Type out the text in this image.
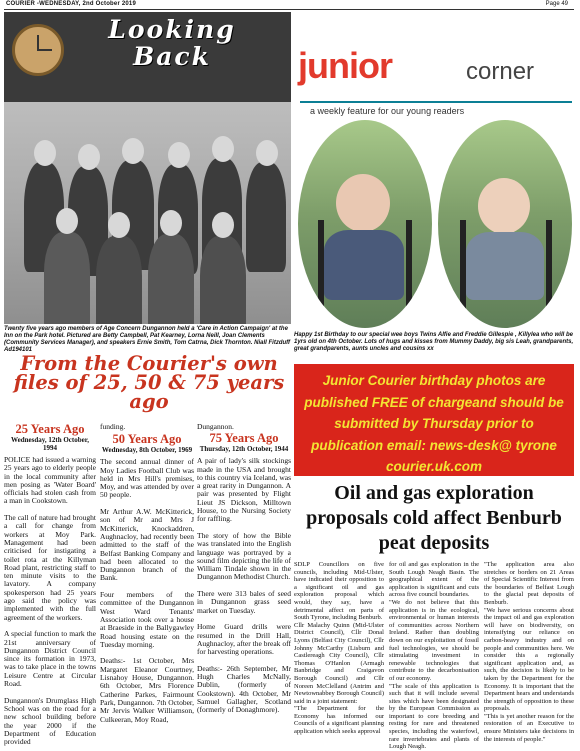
COURIER -WEDNESDAY, 2nd October 2019	Page 49
Looking
Back
Twenty five years ago members of Age Concern Dungannon held a 'Care in Action Campaign' at the Inn on the Park hotel. Pictured are Betty Campbell, Pat Kearney, Lorna Neill, Joan Clements (Community Services Manager), and speakers Ernie Smith, Tom Catrna, Dick Thornton. Niall Fitzduff Ad194101
From the Courier's own files of 25, 50 & 75 years ago
25 Years Ago
Wednesday, 12th October, 1994
POLICE had issued a warning 25 years ago to elderly people in the local community after men posing as 'Water Board' officials had stolen cash from a man in Cookstown.

The call of nature had brought a call for change from workers at Moy Park. Management had been criticised for instigating a toilet rota at the Killyman Road plant, restricting staff to ten minute visits to the lavatory. A company spokesperson had 25 years ago said the policy was implemented with the full agreement of the workers.

A special function to mark the 21st anniversary of Dungannon District Council since its formation in 1973, was to take place in the towns Leisure Centre at Circular Road.

Dungannon's Drumglass High School was on the road for a new school building before the year 2000 if the Department of Education provided
funding.
50 Years Ago
Wednesday, 8th October, 1969
The second annual dinner of Moy Ladies Football Club was held in Mrs Hill's premises, Moy, and was attended by over 50 people.

Mr Arthur A.W. McKitterick, son of Mr and Mrs J McKitterick, Knockaddren, Aughnacloy, had recently been admitted to the staff of the Belfast Banking Company and had been allocated to the Dungannon branch of the Bank.

Four members of the committee of the Dungannon West Ward Tenants' Association took over a house at Braeside in the Ballygawley Road housing estate on the Tuesday morning.

Deaths:- 1st October, Mrs Margaret Eleanor Courtney, Lisnahoy House, Dungannon. 6th October, Mrs Florence Catherine Parkes, Fairmount Park, Dungannon. 7th October, Mr Jervis Walker Williamson, Culkeeran, Moy Road,
Dungannon.
75 Years Ago
Thursday, 12th October, 1944
A pair of lady's silk stockings made in the USA and brought to this country via Iceland, was a great rarity in Dungannon. A pair was presented by Flight Lieut JS Dickson, Milltown House, to the Nursing Society for raffling.

The story of how the Bible was translated into the English language was portrayed by a sound film depicting the life of William Tindale shown in the Dungannon Methodist Church.

There were 313 bales of seed in Dungannon grass seed market on Tuesday.

Home Guard drills were resumed in the Drill Hall, Aughnacloy, after the break off for harvesting operations.

Deaths:- 26th September, Mr Hugh Charles McNally, Dublin, (formerly of Cookstown). 4th October, Mr Samuel Gallagher, Scotland (formerly of Donaghmore).
junior	corner
a weekly feature for our young readers
Happy 1st Birthday to our special wee boys Twins Alfie and Freddie Gillespie , Killylea who will be 1yrs old on 4th October. Lots of hugs and kisses from Mummy Daddy, big sis Leah, grandparents, great grandparents, aunts uncles and cousins xx
Junior Courier birthday photos are published FREE of chargeand should be submitted by Thursday prior to publication email: news-desk@ tyrone courier.uk.com
Oil and gas exploration proposals cold affect Benburb peat deposits
SDLP Councillors on five councils, including Mid-Ulster, have indicated their opposition to a significant oil and gas exploration proposal which would, they say, have a detrimental affect on parts of South Tyrone, including Benburb.
Cllr Malachy Quinn (Mid-Ulster District Council), Cllr Donal Lyons (Belfast City Council), Cllr Johnny McCarthy (Lisburn and Castlereagh City Council), Cllr Thomas O'Hanlon (Armagh Banbridge and Craigavon Borough Council) and Cllr Noreen McClelland (Antrim and Newtownabbey Borough Council) said in a joint statement:
"The Department for the Economy has informed our Councils of a significant planning application which seeks approval
for oil and gas exploration in the South Lough Neagh Basin. The geographical extent of the application is significant and cuts across five council boundaries.
"We do not believe that this application is in the ecological, environmental or human interests of communities across Northern Ireland. Rather than doubling down on our exploitation of fossil fuel technologies, we should be stimulating investment in renewable technologies that contribute to the decarbonisation of our economy.
"The scale of this application is such that it will include several sites which have been designated by the European Commission as important to core breeding and resting for rare and threatened species, including the waterfowl, rare invertebrates and plants of Lough Neagh.
"The application area also stretches or borders on 21 Areas of Special Scientific Interest from the boundaries of Belfast Lough to the glacial peat deposits of Benburb.
"We have serious concerns about the impact oil and gas exploration will have on biodiversity, on intensifying our reliance on carbon-heavy industry and on people and communities here. We consider this a regionally significant application and, as such, the decision is likely to be taken by the Department for the Economy. It is important that the Department hears and understands the strength of opposition to these proposals.
"This is yet another reason for the restoration of an Executive to ensure Ministers take decisions in the interests of people."
